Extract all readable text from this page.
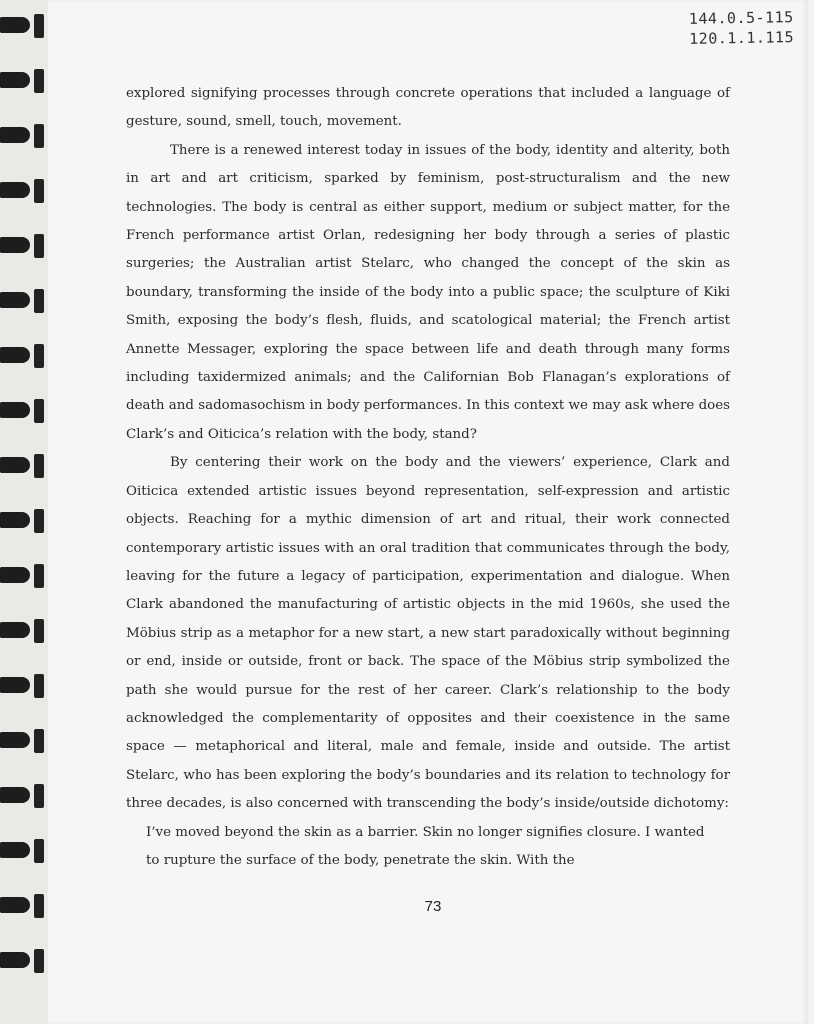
144.0.5-115
120.1.1.115

explored signifying processes through concrete operations that included a language of gesture, sound, smell, touch, movement.

There is a renewed interest today in issues of the body, identity and alterity, both in art and art criticism, sparked by feminism, post-structuralism and the new technologies. The body is central as either support, medium or subject matter, for the French performance artist Orlan, redesigning her body through a series of plastic surgeries; the Australian artist Stelarc, who changed the concept of the skin as boundary, transforming the inside of the body into a public space; the sculpture of Kiki Smith, exposing the body’s flesh, fluids, and scatological material; the French artist Annette Messager, exploring the space between life and death through many forms including taxidermized animals; and the Californian Bob Flanagan’s explorations of death and sadomasochism in body performances. In this context we may ask where does Clark’s and Oiticica’s relation with the body, stand?

By centering their work on the body and the viewers’ experience, Clark and Oiticica extended artistic issues beyond representation, self-expression and artistic objects. Reaching for a mythic dimension of art and ritual, their work connected contemporary artistic issues with an oral tradition that communicates through the body, leaving for the future a legacy of participation, experimentation and dialogue. When Clark abandoned the manufacturing of artistic objects in the mid 1960s, she used the Möbius strip as a metaphor for a new start, a new start paradoxically without beginning or end, inside or outside, front or back. The space of the Möbius strip symbolized the path she would pursue for the rest of her career. Clark’s relationship to the body acknowledged the complementarity of opposites and their coexistence in the same space — metaphorical and literal, male and female, inside and outside. The artist Stelarc, who has been exploring the body’s boundaries and its relation to technology for three decades, is also concerned with transcending the body’s inside/outside dichotomy:

I’ve moved beyond the skin as a barrier. Skin no longer signifies closure. I wanted to rupture the surface of the body, penetrate the skin. With the

73
